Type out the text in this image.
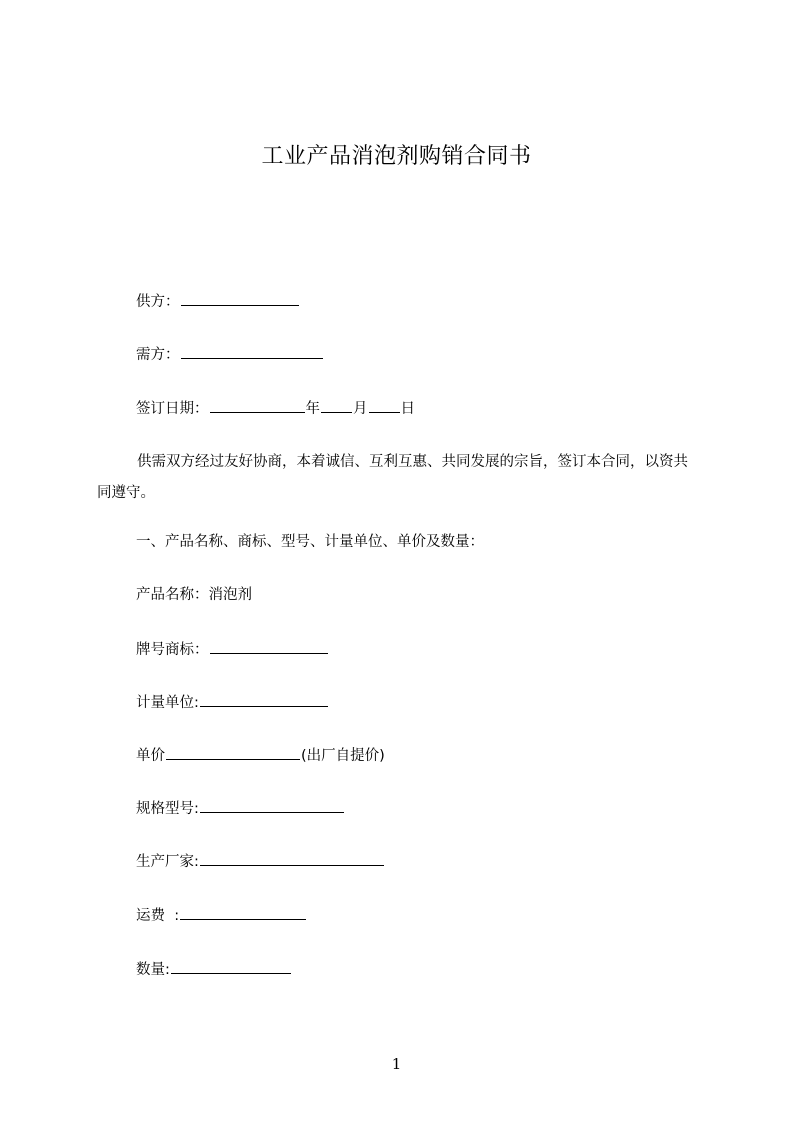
工业产品消泡剂购销合同书
供方：
需方：
签订日期：	年 月 日
供需双方经过友好协商，本着诚信、互利互惠、共同发展的宗旨，签订本合同，以资共同遵守。
一、产品名称、商标、型号、计量单位、单价及数量：
产品名称：消泡剂
牌号商标：
计量单位:
单价	(出厂自提价)
规格型号:
生产厂家:
运费  :
数量:
1
